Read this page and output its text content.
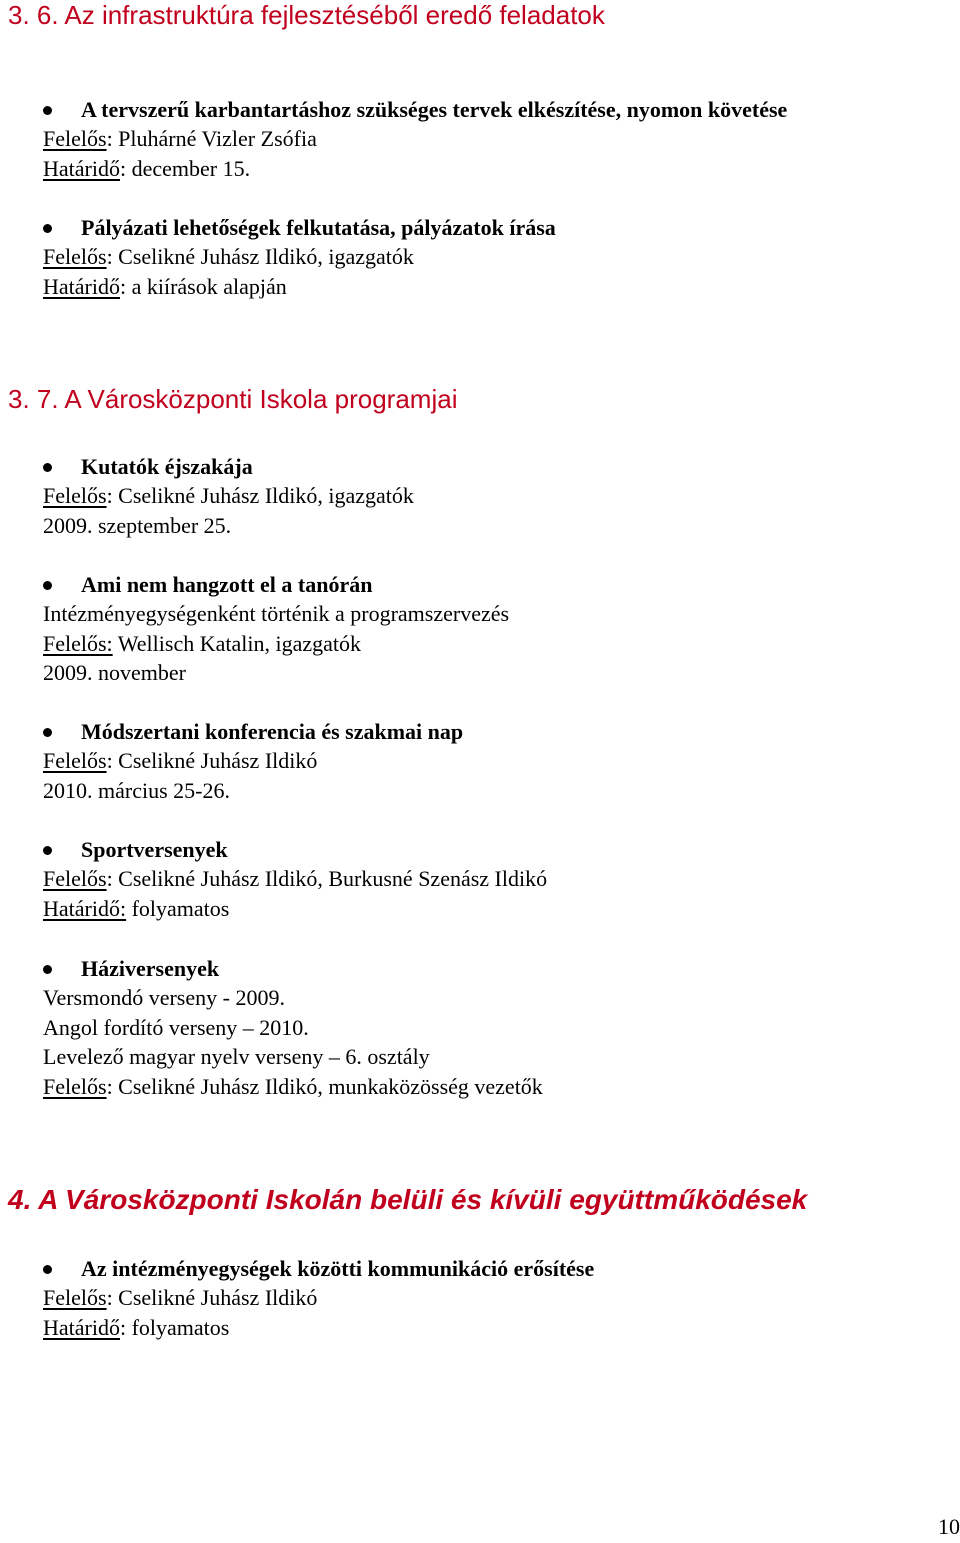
3. 6. Az infrastruktúra fejlesztéséből eredő feladatok
A tervszerű karbantartáshoz szükséges tervek elkészítése, nyomon követése
Felelős: Pluhárné Vizler Zsófia
Határidő: december 15.
Pályázati lehetőségek felkutatása, pályázatok írása
Felelős: Cselikné Juhász Ildikó, igazgatók
Határidő: a kiírások alapján
3. 7. A Városközponti Iskola programjai
Kutatók éjszakája
Felelős: Cselikné Juhász Ildikó, igazgatók
2009. szeptember 25.
Ami nem hangzott el a tanórán
Intézményegységenként történik a programszervezés
Felelős: Wellisch Katalin, igazgatók
2009. november
Módszertani konferencia és szakmai nap
Felelős: Cselikné Juhász Ildikó
2010. március 25-26.
Sportversenyek
Felelős: Cselikné Juhász Ildikó, Burkusné Szenász Ildikó
Határidő: folyamatos
Háziversenyek
Versmondó verseny - 2009.
Angol fordító verseny – 2010.
Levelező magyar nyelv verseny – 6. osztály
Felelős: Cselikné Juhász Ildikó, munkaközösség vezetők
4. A Városközponti Iskolán belüli és kívüli együttműködések
Az intézményegységek közötti kommunikáció erősítése
Felelős: Cselikné Juhász Ildikó
Határidő: folyamatos
10
